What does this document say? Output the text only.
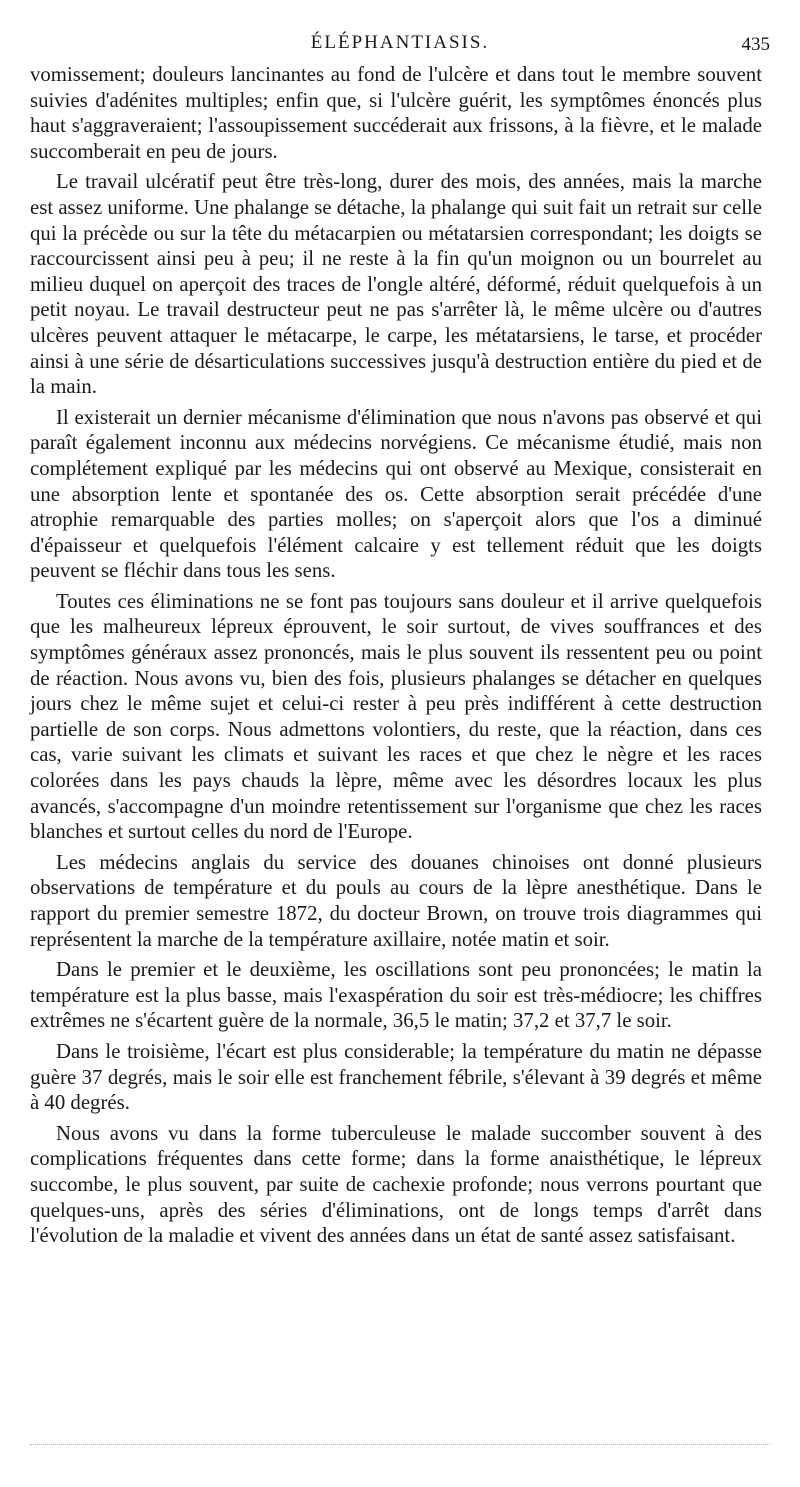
ÉLÉPHANTIASIS.	435

vomissement; douleurs lancinantes au fond de l'ulcère et dans tout le membre souvent suivies d'adénites multiples; enfin que, si l'ulcère guérit, les symptômes énoncés plus haut s'aggraveraient; l'assoupissement succéderait aux frissons, à la fièvre, et le malade succomberait en peu de jours.

Le travail ulcératif peut être très-long, durer des mois, des années, mais la marche est assez uniforme. Une phalange se détache, la phalange qui suit fait un retrait sur celle qui la précède ou sur la tête du métacarpien ou métatarsien correspondant; les doigts se raccourcissent ainsi peu à peu; il ne reste à la fin qu'un moignon ou un bourrelet au milieu duquel on aperçoit des traces de l'ongle altéré, déformé, réduit quelquefois à un petit noyau. Le travail destructeur peut ne pas s'arrêter là, le même ulcère ou d'autres ulcères peuvent attaquer le métacarpe, le carpe, les métatarsiens, le tarse, et procéder ainsi à une série de désarticulations successives jusqu'à destruction entière du pied et de la main.

Il existerait un dernier mécanisme d'élimination que nous n'avons pas observé et qui paraît également inconnu aux médecins norvégiens. Ce mécanisme étudié, mais non complétement expliqué par les médecins qui ont observé au Mexique, consisterait en une absorption lente et spontanée des os. Cette absorption serait précédée d'une atrophie remarquable des parties molles; on s'aperçoit alors que l'os a diminué d'épaisseur et quelquefois l'élément calcaire y est tellement réduit que les doigts peuvent se fléchir dans tous les sens.

Toutes ces éliminations ne se font pas toujours sans douleur et il arrive quelquefois que les malheureux lépreux éprouvent, le soir surtout, de vives souffrances et des symptômes généraux assez prononcés, mais le plus souvent ils ressentent peu ou point de réaction. Nous avons vu, bien des fois, plusieurs phalanges se détacher en quelques jours chez le même sujet et celui-ci rester à peu près indifférent à cette destruction partielle de son corps. Nous admettons volontiers, du reste, que la réaction, dans ces cas, varie suivant les climats et suivant les races et que chez le nègre et les races colorées dans les pays chauds la lèpre, même avec les désordres locaux les plus avancés, s'accompagne d'un moindre retentissement sur l'organisme que chez les races blanches et surtout celles du nord de l'Europe.

Les médecins anglais du service des douanes chinoises ont donné plusieurs observations de température et du pouls au cours de la lèpre anesthétique. Dans le rapport du premier semestre 1872, du docteur Brown, on trouve trois diagrammes qui représentent la marche de la température axillaire, notée matin et soir.

Dans le premier et le deuxième, les oscillations sont peu prononcées; le matin la température est la plus basse, mais l'exaspération du soir est très-médiocre; les chiffres extrêmes ne s'écartent guère de la normale, 36,5 le matin; 37,2 et 37,7 le soir.

Dans le troisième, l'écart est plus considerable; la température du matin ne dépasse guère 37 degrés, mais le soir elle est franchement fébrile, s'élevant à 39 degrés et même à 40 degrés.

Nous avons vu dans la forme tuberculeuse le malade succomber souvent à des complications fréquentes dans cette forme; dans la forme anaisthétique, le lépreux succombe, le plus souvent, par suite de cachexie profonde; nous verrons pourtant que quelques-uns, après des séries d'éliminations, ont de longs temps d'arrêt dans l'évolution de la maladie et vivent des années dans un état de santé assez satisfaisant.
